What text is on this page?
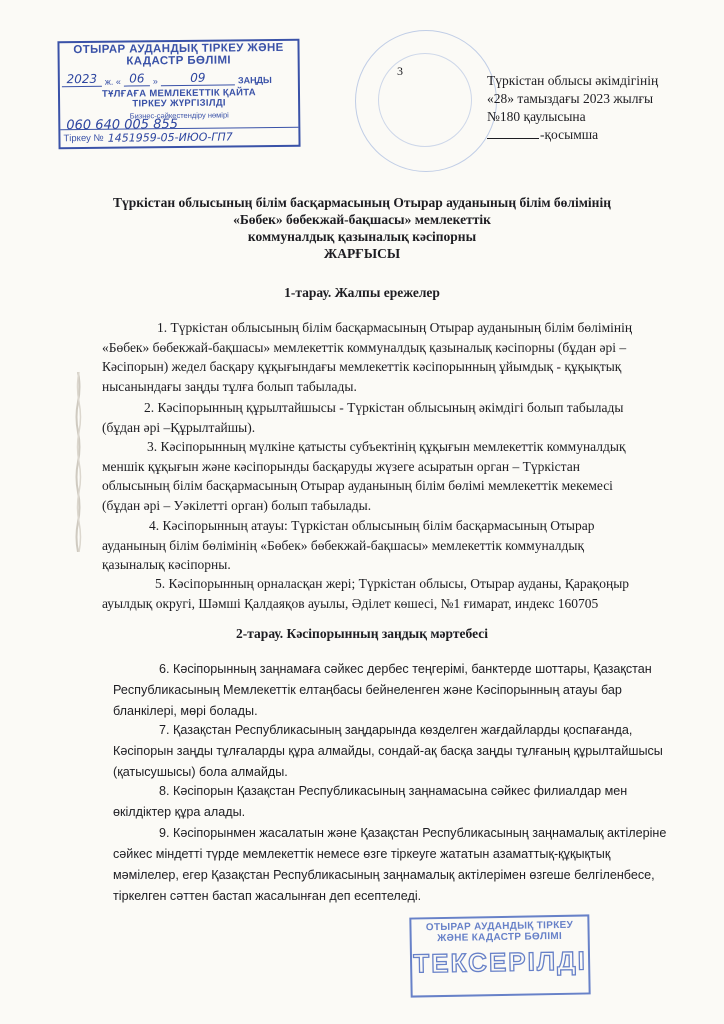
ОТЫРАР АУДАНДЫҚ ТІРКЕУ ЖӘНЕ
КАДАСТР БӨЛІМІ
2023 ж. « 06 »	09	ЗАҢДЫ
ТҰЛҒАҒА МЕМЛЕКЕТТІК ҚАЙТА
ТІРКЕУ ЖҮРГІЗІЛДІ
Бизнес-сәйкестендіру нөмірі
060 640 005 855
Тіркеу № 1451959-05-ИЮО-ГП7
3
Түркістан облысы әкімдігінің
«28» тамыздағы 2023 жылғы
№180 қаулысына
-қосымша
Түркістан облысының білім басқармасының Отырар ауданының білім бөлімінің
«Бөбек» бөбекжай-бақшасы» мемлекеттік
коммуналдық қазыналық кәсіпорны
ЖАРҒЫСЫ
1-тарау. Жалпы ережелер
1. Түркістан облысының білім басқармасының Отырар ауданының білім бөлімінің
«Бөбек» бөбекжай-бақшасы» мемлекеттік коммуналдық қазыналық кәсіпорны (бұдан әрі –
Кәсіпорын) жедел басқару құқығындағы мемлекеттік кәсіпорынның ұйымдық - құқықтық
нысанындағы заңды тұлға болып табылады.
2. Кәсіпорынның құрылтайшысы - Түркістан облысының әкімдігі болып табылады
(бұдан әрі –Құрылтайшы).
3. Кәсіпорынның мүлкіне қатысты субъектінің құқығын мемлекеттік коммуналдық
меншік құқығын және кәсіпорынды басқаруды жүзеге асыратын орган – Түркістан
облысының білім басқармасының Отырар ауданының білім бөлімі мемлекеттік мекемесі
(бұдан әрі – Уәкілетті орган) болып табылады.
4. Кәсіпорынның атауы: Түркістан облысының білім басқармасының Отырар
ауданының білім бөлімінің «Бөбек» бөбекжай-бақшасы» мемлекеттік коммуналдық
қазыналық кәсіпорны.
5. Кәсіпорынның орналасқан жері; Түркістан облысы, Отырар ауданы, Қарақоңыр
ауылдық округі, Шәмші Қалдаяқов ауылы, Әділет көшесі, №1 ғимарат, индекс 160705
2-тарау. Кәсіпорынның заңдық мәртебесі
6. Кәсіпорынның заңнамаға сәйкес дербес теңгерімі, банктерде шоттары, Қазақстан
Республикасының Мемлекеттік елтаңбасы бейнеленген және Кәсіпорынның атауы бар
бланкілері, мөрі болады.
7. Қазақстан Республикасының заңдарында көзделген жағдайларды қоспағанда,
Кәсіпорын заңды тұлғаларды құра алмайды, сондай-ақ басқа заңды тұлғаның құрылтайшысы
(қатысушысы) бола алмайды.
8. Кәсіпорын Қазақстан Республикасының заңнамасына сәйкес филиалдар мен
өкілдіктер құра алады.
9. Кәсіпорынмен жасалатын және Қазақстан Республикасының заңнамалық актілеріне
сәйкес міндетті түрде мемлекеттік немесе өзге тіркеуге жататын азаматтық-құқықтық
мәмілелер, егер Қазақстан Республикасының заңнамалық актілерімен өзгеше белгіленбесе,
тіркелген сәттен бастап жасалынған деп есептеледі.
ОТЫРАР АУДАНДЫҚ ТІРКЕУ
ЖӘНЕ КАДАСТР БӨЛІМІ
ТЕКСЕРІЛДІ
